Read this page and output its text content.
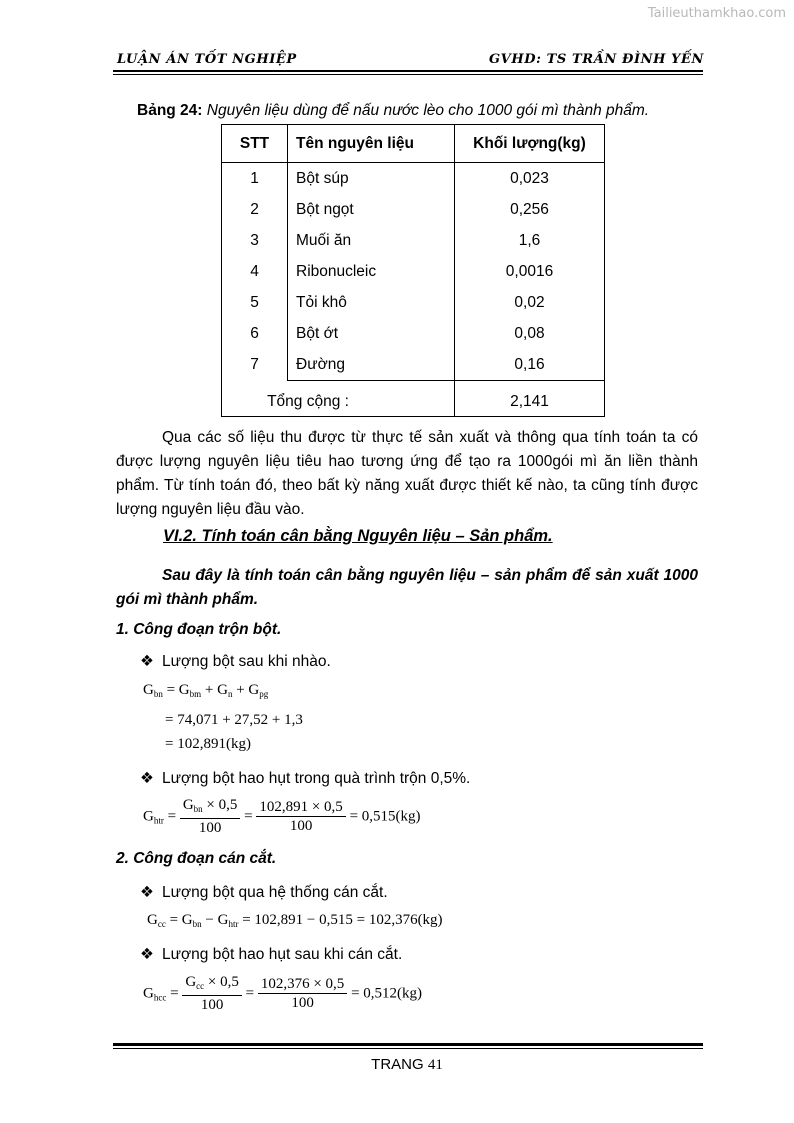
Tailieuthamkhao.com
LUẬN ÁN TỐT NGHIỆP	GVHD: TS TRẦN ĐÌNH YẾN
Bảng 24: Nguyên liệu dùng để nấu nước lèo cho 1000 gói mì thành phẩm.
STT	Tên nguyên liệu	Khối lượng(kg)
1	Bột súp	0,023
2	Bột ngọt	0,256
3	Muối ăn	1,6
4	Ribonucleic	0,0016
5	Tỏi khô	0,02
6	Bột ớt	0,08
7	Đường	0,16
Tổng cộng :		2,141
Qua các số liệu thu được từ thực tế sản xuất và thông qua tính toán ta có được lượng nguyên liệu tiêu hao tương ứng để tạo ra 1000gói mì ăn liền thành phẩm. Từ tính toán đó, theo bất kỳ năng xuất được thiết kế nào, ta cũng tính được lượng nguyên liệu đầu vào.
VI.2. Tính toán cân bằng Nguyên liệu – Sản phẩm.
Sau đây là tính toán cân bằng nguyên liệu – sản phẩm để sản xuất 1000 gói mì thành phẩm.
1. Công đoạn trộn bột.
❖ Lượng bột sau khi nhào.
$G_{bn} = G_{bm} + G_n + G_{pg}$
= 74,071 + 27,52 + 1,3
= 102,891(kg)
❖ Lượng bột hao hụt trong quà trình trộn 0,5%.
$G_{htr} = \frac{G_{bn} \times 0,5}{100} = \frac{102,891 \times 0,5}{100} = 0,515(kg)$
2. Công đoạn cán cắt.
❖ Lượng bột qua hệ thống cán cắt.
$G_{cc} = G_{bn} - G_{htr} = 102,891 - 0,515 = 102,376(kg)$
❖ Lượng bột hao hụt sau khi cán cắt.
$G_{hcc} = \frac{G_{cc} \times 0,5}{100} = \frac{102,376 \times 0,5}{100} = 0,512(kg)$
TRANG 41
